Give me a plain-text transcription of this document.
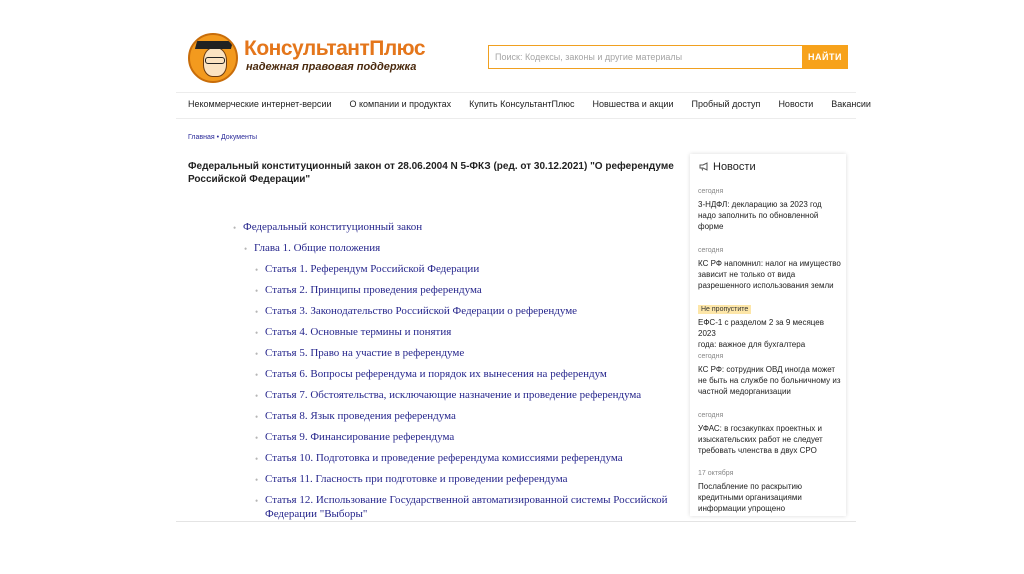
КонсультантПлюс
надежная правовая поддержка
Поиск: Кодексы, законы и другие материалы
НАЙТИ
Некоммерческие интернет-версии О компании и продуктах Купить КонсультантПлюс Новшества и акции Пробный доступ Новости Вакансии
Главная • Документы
Федеральный конституционный закон от 28.06.2004 N 5-ФКЗ (ред. от 30.12.2021) "О референдуме Российской Федерации"
• Федеральный конституционный закон
• Глава 1. Общие положения
• Статья 1. Референдум Российской Федерации
• Статья 2. Принципы проведения референдума
• Статья 3. Законодательство Российской Федерации о референдуме
• Статья 4. Основные термины и понятия
• Статья 5. Право на участие в референдуме
• Статья 6. Вопросы референдума и порядок их вынесения на референдум
• Статья 7. Обстоятельства, исключающие назначение и проведение референдума
• Статья 8. Язык проведения референдума
• Статья 9. Финансирование референдума
• Статья 10. Подготовка и проведение референдума комиссиями референдума
• Статья 11. Гласность при подготовке и проведении референдума
• Статья 12. Использование Государственной автоматизированной системы Российской
Федерации "Выборы"
Новости
сегодня
3-НДФЛ: декларацию за 2023 год
надо заполнить по обновленной
форме
сегодня
КС РФ напомнил: налог на имущество
зависит не только от вида
разрешенного использования земли
Не пропустите
ЕФС-1 с разделом 2 за 9 месяцев 2023
года: важное для бухгалтера
сегодня
КС РФ: сотрудник ОВД иногда может
не быть на службе по больничному из
частной медорганизации
сегодня
УФАС: в госзакупках проектных и
изыскательских работ не следует
требовать членства в двух СРО
17 октября
Послабление по раскрытию
кредитными организациями
информации упрощено
